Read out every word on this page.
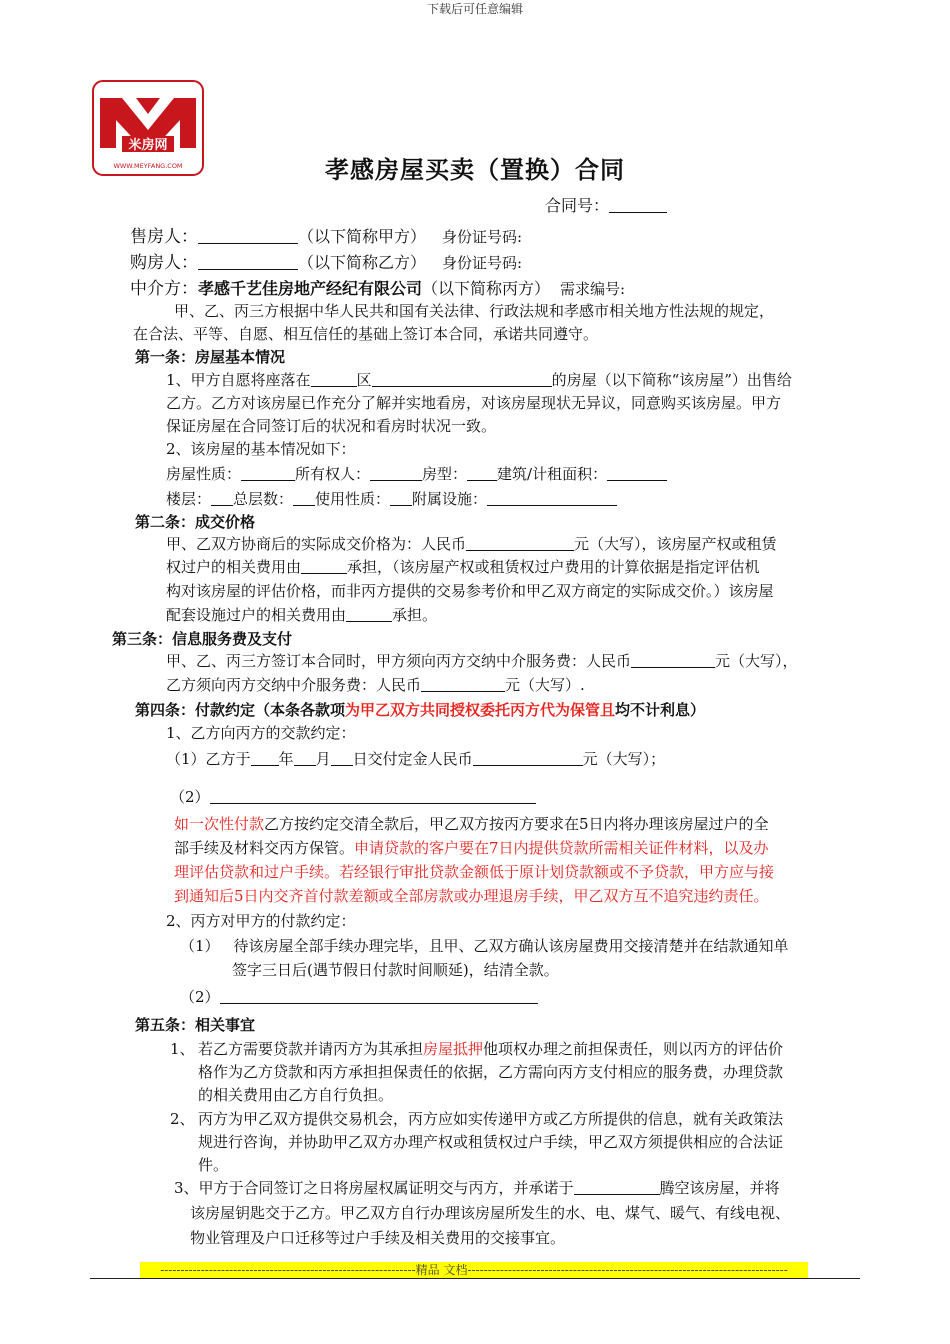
下载后可任意编辑
米房网
WWW.MEYFANG.COM	孝感房屋买卖（置换）合同
合同号：
售房人：	（以下简称甲方） 身份证号码:
购房人：	（以下简称乙方） 身份证号码:
中介方：孝感千艺佳房地产经纪有限公司（以下简称丙方） 需求编号:
甲、乙、丙三方根据中华人民共和国有关法律、行政法规和孝感市相关地方性法规的规定，
在合法、平等、自愿、相互信任的基础上签订本合同，承诺共同遵守。
第一条：房屋基本情况
1、甲方自愿将座落在	区	的房屋（以下简称“该房屋”）出售给
乙方。乙方对该房屋已作充分了解并实地看房，对该房屋现状无异议，同意购买该房屋。甲方
保证房屋在合同签订后的状况和看房时状况一致。
2、该房屋的基本情况如下：
房屋性质：	所有权人：	房型： 建筑/计租面积：
楼层： 总层数： 使用性质： 附属设施：
第二条：成交价格
甲、乙双方协商后的实际成交价格为：人民币	元（大写），该房屋产权或租赁
权过户的相关费用由	承担，（该房屋产权或租赁权过户费用的计算依据是指定评估机
构对该房屋的评估价格，而非丙方提供的交易参考价和甲乙双方商定的实际成交价。）该房屋
配套设施过户的相关费用由	承担。
第三条：信息服务费及支付
甲、乙、丙三方签订本合同时，甲方须向丙方交纳中介服务费：人民币	元（大写），
乙方须向丙方交纳中介服务费：人民币	元（大写）.
第四条：付款约定（本条各款项为甲乙双方共同授权委托丙方代为保管且均不计利息）
1、乙方向丙方的交款约定：
（1）乙方于 年 月 日交付定金人民币	元（大写）；
（2）
如一次性付款乙方按约定交清全款后，甲乙双方按丙方要求在5日内将办理该房屋过户的全
部手续及材料交丙方保管。申请贷款的客户要在7日内提供贷款所需相关证件材料，以及办
理评估贷款和过户手续。若经银行审批贷款金额低于原计划贷款额或不予贷款，甲方应与接
到通知后5日内交齐首付款差额或全部房款或办理退房手续，甲乙双方互不追究违约责任。
2、丙方对甲方的付款约定：
（1） 待该房屋全部手续办理完毕，且甲、乙双方确认该房屋费用交接清楚并在结款通知单
签字三日后(遇节假日付款时间顺延)，结清全款。
（2）
第五条：相关事宜
1、 若乙方需要贷款并请丙方为其承担房屋抵押他项权办理之前担保责任，则以丙方的评估价
格作为乙方贷款和丙方承担担保责任的依据，乙方需向丙方支付相应的服务费，办理贷款
的相关费用由乙方自行负担。
2、 丙方为甲乙双方提供交易机会，丙方应如实传递甲方或乙方所提供的信息，就有关政策法
规进行咨询，并协助甲乙双方办理产权或租赁权过户手续，甲乙双方须提供相应的合法证
件。
3、甲方于合同签订之日将房屋权属证明交与丙方，并承诺于	腾空该房屋，并将
该房屋钥匙交于乙方。甲乙双方自行办理该房屋所发生的水、电、煤气、暖气、有线电视、
物业管理及户口迁移等过户手续及相关费用的交接事宜。
---------------------------------------------------------------精品 文档-------------------------------------------------------------------------------
